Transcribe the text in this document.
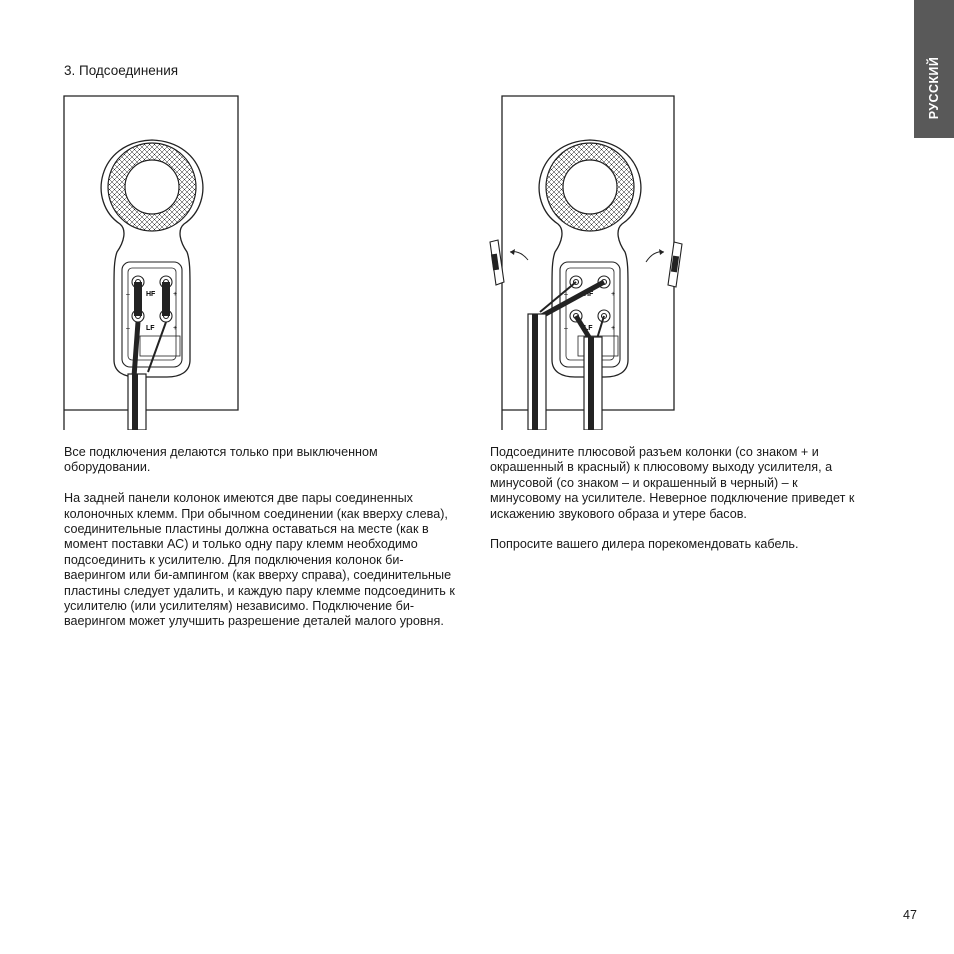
РУССКИЙ
3. Подсоединения
– HF	+
– LF	+
– HF	+
– LF	+

Все подключения делаются только при выключенном оборудовании.

На задней панели колонок имеются две пары соединенных колоночных клемм. При обычном соединении (как вверху слева), соединительные пластины должна оставаться на месте (как в момент поставки АС) и только одну пару клемм необходимо подсоединить к усилителю. Для подключения колонок би-ваерингом или би-ампингом (как вверху справа), соединительные пластины следует удалить, и каждую пару клемме подсоединить к усилителю (или усилителям) независимо. Подключение би-ваерингом может улучшить разрешение деталей малого уровня.

Подсоедините плюсовой разъем колонки (со знаком + и окрашенный в красный) к плюсовому выходу усилителя, а минусовой (со знаком – и окрашенный в черный) – к минусовому на усилителе. Неверное подключение приведет к искажению звукового образа и утере басов.

Попросите вашего дилера порекомендовать кабель.

47
